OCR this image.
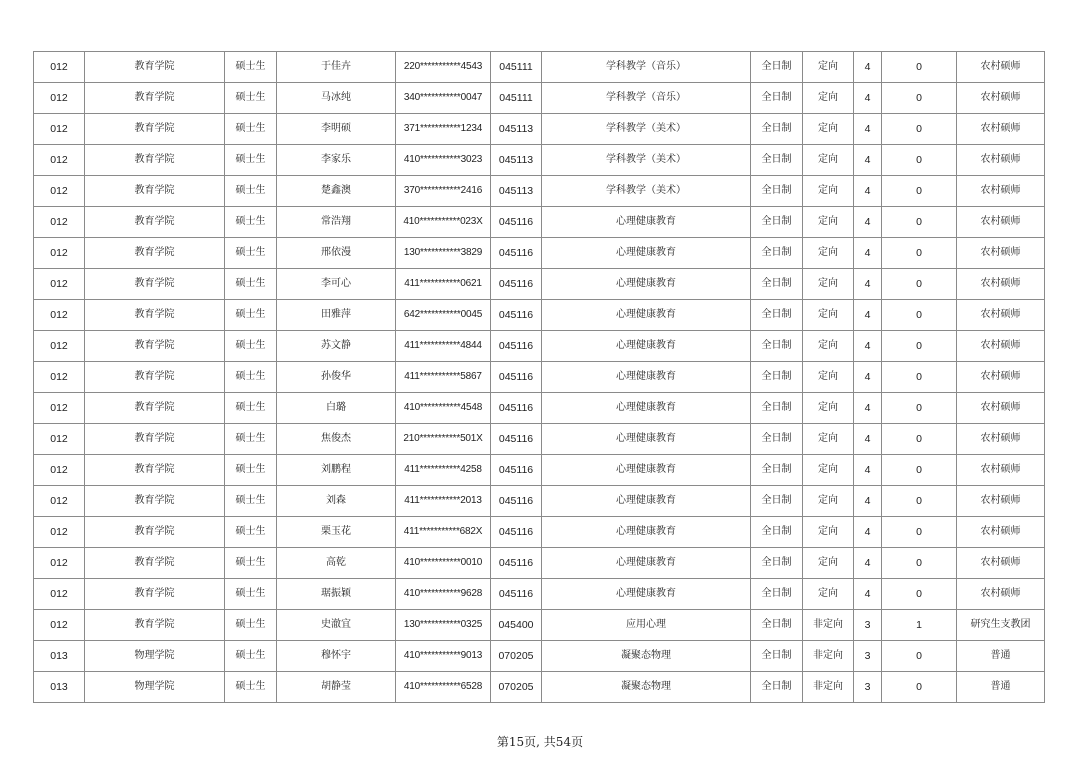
012	教育学院	硕士生	于佳卉	220***********4543	045111	学科教学（音乐）	全日制	定向	4	0	农村硕师
012	教育学院	硕士生	马冰纯	340***********0047	045111	学科教学（音乐）	全日制	定向	4	0	农村硕师
012	教育学院	硕士生	李明硕	371***********1234	045113	学科教学（美术）	全日制	定向	4	0	农村硕师
012	教育学院	硕士生	李家乐	410***********3023	045113	学科教学（美术）	全日制	定向	4	0	农村硕师
012	教育学院	硕士生	楚鑫澳	370***********2416	045113	学科教学（美术）	全日制	定向	4	0	农村硕师
012	教育学院	硕士生	常浩翔	410***********023X	045116	心理健康教育	全日制	定向	4	0	农村硕师
012	教育学院	硕士生	邢依漫	130***********3829	045116	心理健康教育	全日制	定向	4	0	农村硕师
012	教育学院	硕士生	李可心	411***********0621	045116	心理健康教育	全日制	定向	4	0	农村硕师
012	教育学院	硕士生	田雅萍	642***********0045	045116	心理健康教育	全日制	定向	4	0	农村硕师
012	教育学院	硕士生	苏文静	411***********4844	045116	心理健康教育	全日制	定向	4	0	农村硕师
012	教育学院	硕士生	孙俊华	411***********5867	045116	心理健康教育	全日制	定向	4	0	农村硕师
012	教育学院	硕士生	白璐	410***********4548	045116	心理健康教育	全日制	定向	4	0	农村硕师
012	教育学院	硕士生	焦俊杰	210***********501X	045116	心理健康教育	全日制	定向	4	0	农村硕师
012	教育学院	硕士生	刘鹏程	411***********4258	045116	心理健康教育	全日制	定向	4	0	农村硕师
012	教育学院	硕士生	刘森	411***********2013	045116	心理健康教育	全日制	定向	4	0	农村硕师
012	教育学院	硕士生	栗玉花	411***********682X	045116	心理健康教育	全日制	定向	4	0	农村硕师
012	教育学院	硕士生	高乾	410***********0010	045116	心理健康教育	全日制	定向	4	0	农村硕师
012	教育学院	硕士生	琚振颖	410***********9628	045116	心理健康教育	全日制	定向	4	0	农村硕师
012	教育学院	硕士生	史澈宜	130***********0325	045400	应用心理	全日制	非定向	3	1	研究生支教团
013	物理学院	硕士生	穆怀宇	410***********9013	070205	凝聚态物理	全日制	非定向	3	0	普通
013	物理学院	硕士生	胡静莹	410***********6528	070205	凝聚态物理	全日制	非定向	3	0	普通
第15页, 共54页
